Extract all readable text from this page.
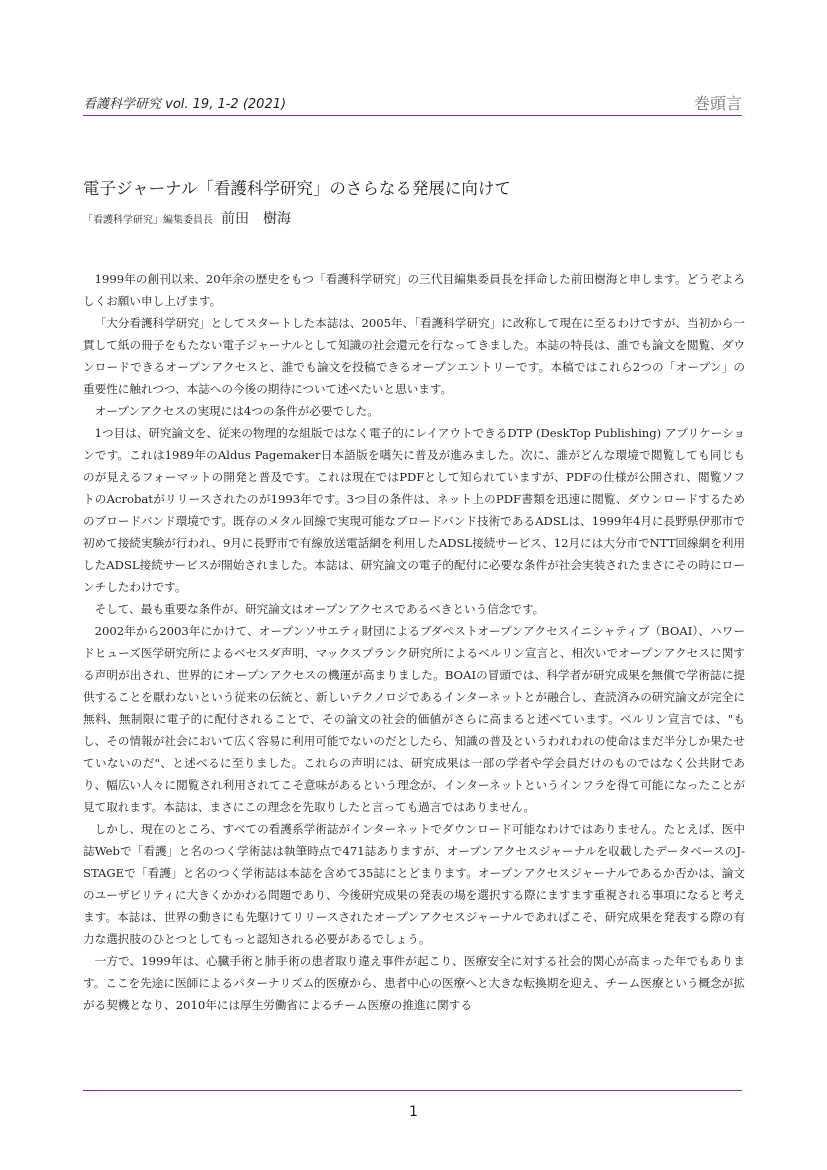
看護科学研究 vol. 19, 1-2 (2021)	巻頭言
電子ジャーナル「看護科学研究」のさらなる発展に向けて
「看護科学研究」編集委員長 前田　樹海

1999年の創刊以来、20年余の歴史をもつ「看護科学研究」の三代目編集委員長を拝命した前田樹海と申します。どうぞよろしくお願い申し上げます。

「大分看護科学研究」としてスタートした本誌は、2005年、「看護科学研究」に改称して現在に至るわけですが、当初から一貫して紙の冊子をもたない電子ジャーナルとして知識の社会還元を行なってきました。本誌の特長は、誰でも論文を閲覧、ダウンロードできるオープンアクセスと、誰でも論文を投稿できるオープンエントリーです。本稿ではこれら2つの「オープン」の重要性に触れつつ、本誌への今後の期待について述べたいと思います。

オープンアクセスの実現には4つの条件が必要でした。

1つ目は、研究論文を、従来の物理的な組版ではなく電子的にレイアウトできるDTP (DeskTop Publishing) アプリケーションです。これは1989年のAldus Pagemaker日本語版を嚆矢に普及が進みました。次に、誰がどんな環境で閲覧しても同じものが見えるフォーマットの開発と普及です。これは現在ではPDFとして知られていますが、PDFの仕様が公開され、閲覧ソフトのAcrobatがリリースされたのが1993年です。3つ目の条件は、ネット上のPDF書類を迅速に閲覧、ダウンロードするためのブロードバンド環境です。既存のメタル回線で実現可能なブロードバンド技術であるADSLは、1999年4月に長野県伊那市で初めて接続実験が行われ、9月に長野市で有線放送電話網を利用したADSL接続サービス、12月には大分市でNTT回線網を利用したADSL接続サービスが開始されました。本誌は、研究論文の電子的配付に必要な条件が社会実装されたまさにその時にローンチしたわけです。

そして、最も重要な条件が、研究論文はオープンアクセスであるべきという信念です。

2002年から2003年にかけて、オープンソサエティ財団によるブダペストオープンアクセスイニシャティブ（BOAI）、ハワードヒューズ医学研究所によるベセスダ声明、マックスプランク研究所によるベルリン宣言と、相次いでオープンアクセスに関する声明が出され、世界的にオープンアクセスの機運が高まりました。BOAIの冒頭では、科学者が研究成果を無償で学術誌に提供することを厭わないという従来の伝統と、新しいテクノロジであるインターネットとが融合し、査読済みの研究論文が完全に無料、無制限に電子的に配付されることで、その論文の社会的価値がさらに高まると述べています。ベルリン宣言では、"もし、その情報が社会において広く容易に利用可能でないのだとしたら、知識の普及というわれわれの使命はまだ半分しか果たせていないのだ"、と述べるに至りました。これらの声明には、研究成果は一部の学者や学会員だけのものではなく公共財であり、幅広い人々に閲覧され利用されてこそ意味があるという理念が、インターネットというインフラを得て可能になったことが見て取れます。本誌は、まさにこの理念を先取りしたと言っても過言ではありません。

しかし、現在のところ、すべての看護系学術誌がインターネットでダウンロード可能なわけではありません。たとえば、医中誌Webで「看護」と名のつく学術誌は執筆時点で471誌ありますが、オープンアクセスジャーナルを収載したデータベースのJ-STAGEで「看護」と名のつく学術誌は本誌を含めて35誌にとどまります。オープンアクセスジャーナルであるか否かは、論文のユーザビリティに大きくかかわる問題であり、今後研究成果の発表の場を選択する際にますます重視される事項になると考えます。本誌は、世界の動きにも先駆けてリリースされたオープンアクセスジャーナルであればこそ、研究成果を発表する際の有力な選択肢のひとつとしてもっと認知される必要があるでしょう。

一方で、1999年は、心臓手術と肺手術の患者取り違え事件が起こり、医療安全に対する社会的関心が高まった年でもあります。ここを先途に医師によるパターナリズム的医療から、患者中心の医療へと大きな転換期を迎え、チーム医療という概念が拡がる契機となり、2010年には厚生労働省によるチーム医療の推進に関する

1
